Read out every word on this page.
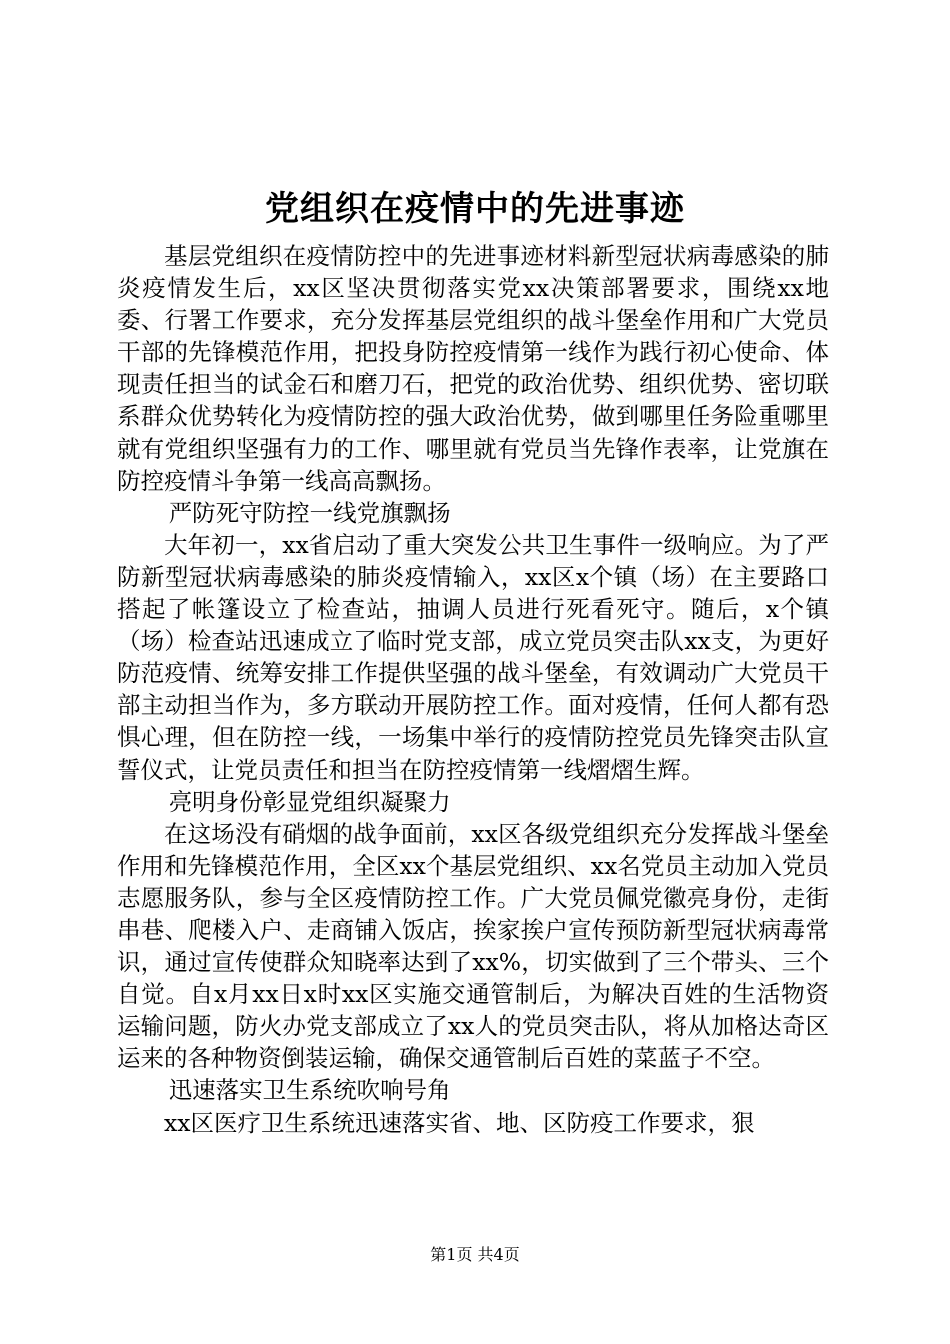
党组织在疫情中的先进事迹

基层党组织在疫情防控中的先进事迹材料新型冠状病毒感染的肺炎疫情发生后，xx区坚决贯彻落实党xx决策部署要求，围绕xx地委、行署工作要求，充分发挥基层党组织的战斗堡垒作用和广大党员干部的先锋模范作用，把投身防控疫情第一线作为践行初心使命、体现责任担当的试金石和磨刀石，把党的政治优势、组织优势、密切联系群众优势转化为疫情防控的强大政治优势，做到哪里任务险重哪里就有党组织坚强有力的工作、哪里就有党员当先锋作表率，让党旗在防控疫情斗争第一线高高飘扬。

严防死守防控一线党旗飘扬

大年初一，xx省启动了重大突发公共卫生事件一级响应。为了严防新型冠状病毒感染的肺炎疫情输入，xx区x个镇（场）在主要路口搭起了帐篷设立了检查站，抽调人员进行死看死守。随后，x个镇（场）检查站迅速成立了临时党支部，成立党员突击队xx支，为更好防范疫情、统筹安排工作提供坚强的战斗堡垒，有效调动广大党员干部主动担当作为，多方联动开展防控工作。面对疫情，任何人都有恐惧心理，但在防控一线，一场集中举行的疫情防控党员先锋突击队宣誓仪式，让党员责任和担当在防控疫情第一线熠熠生辉。

亮明身份彰显党组织凝聚力

在这场没有硝烟的战争面前，xx区各级党组织充分发挥战斗堡垒作用和先锋模范作用，全区xx个基层党组织、xx名党员主动加入党员志愿服务队，参与全区疫情防控工作。广大党员佩党徽亮身份，走街串巷、爬楼入户、走商铺入饭店，挨家挨户宣传预防新型冠状病毒常识，通过宣传使群众知晓率达到了xx%，切实做到了三个带头、三个自觉。自x月xx日x时xx区实施交通管制后，为解决百姓的生活物资运输问题，防火办党支部成立了xx人的党员突击队，将从加格达奇区运来的各种物资倒装运输，确保交通管制后百姓的菜蓝子不空。

迅速落实卫生系统吹响号角

xx区医疗卫生系统迅速落实省、地、区防疫工作要求，狠

第1页 共4页
